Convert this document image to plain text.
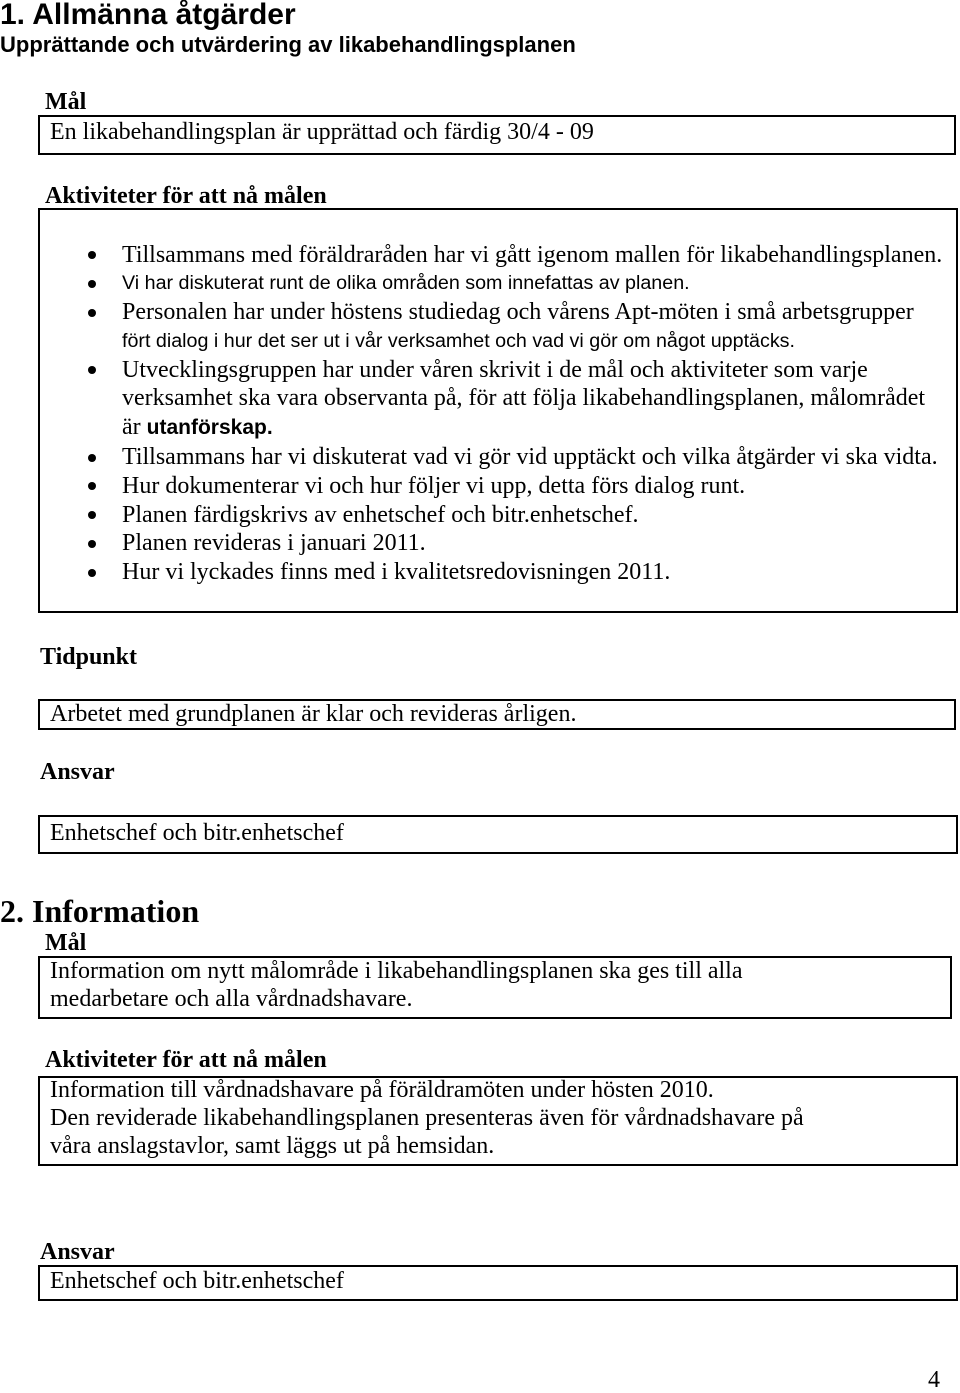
1. Allmänna åtgärder
Upprättande och utvärdering av likabehandlingsplanen
Mål
En likabehandlingsplan är upprättad och färdig 30/4 - 09
Aktiviteter för att nå målen
Tillsammans med föräldraråden har vi gått igenom mallen för likabehandlingsplanen.
Vi har diskuterat runt de olika områden som innefattas av planen.
Personalen har under höstens studiedag och vårens Apt-möten i små arbetsgrupper
fört dialog i hur det ser ut i vår verksamhet och vad vi gör om något upptäcks.
Utvecklingsgruppen har under våren skrivit i de mål och aktiviteter som varje
verksamhet ska vara observanta på, för att följa likabehandlingsplanen, målområdet
är utanförskap.
Tillsammans har vi diskuterat vad vi gör vid upptäckt och vilka åtgärder vi ska vidta.
Hur dokumenterar vi och hur följer vi upp, detta förs dialog runt.
Planen färdigskrivs av enhetschef och bitr.enhetschef.
Planen revideras i januari 2011.
Hur vi lyckades finns med i kvalitetsredovisningen 2011.
Tidpunkt
Arbetet med grundplanen är klar och revideras årligen.
Ansvar
Enhetschef och bitr.enhetschef
2. Information
Mål
Information om nytt målområde i likabehandlingsplanen ska ges till alla
medarbetare och alla vårdnadshavare.
Aktiviteter för att nå målen
Information till vårdnadshavare på föräldramöten under hösten 2010.
Den reviderade likabehandlingsplanen presenteras även för vårdnadshavare på
våra anslagstavlor, samt läggs ut på hemsidan.
Ansvar
Enhetschef och bitr.enhetschef
4
